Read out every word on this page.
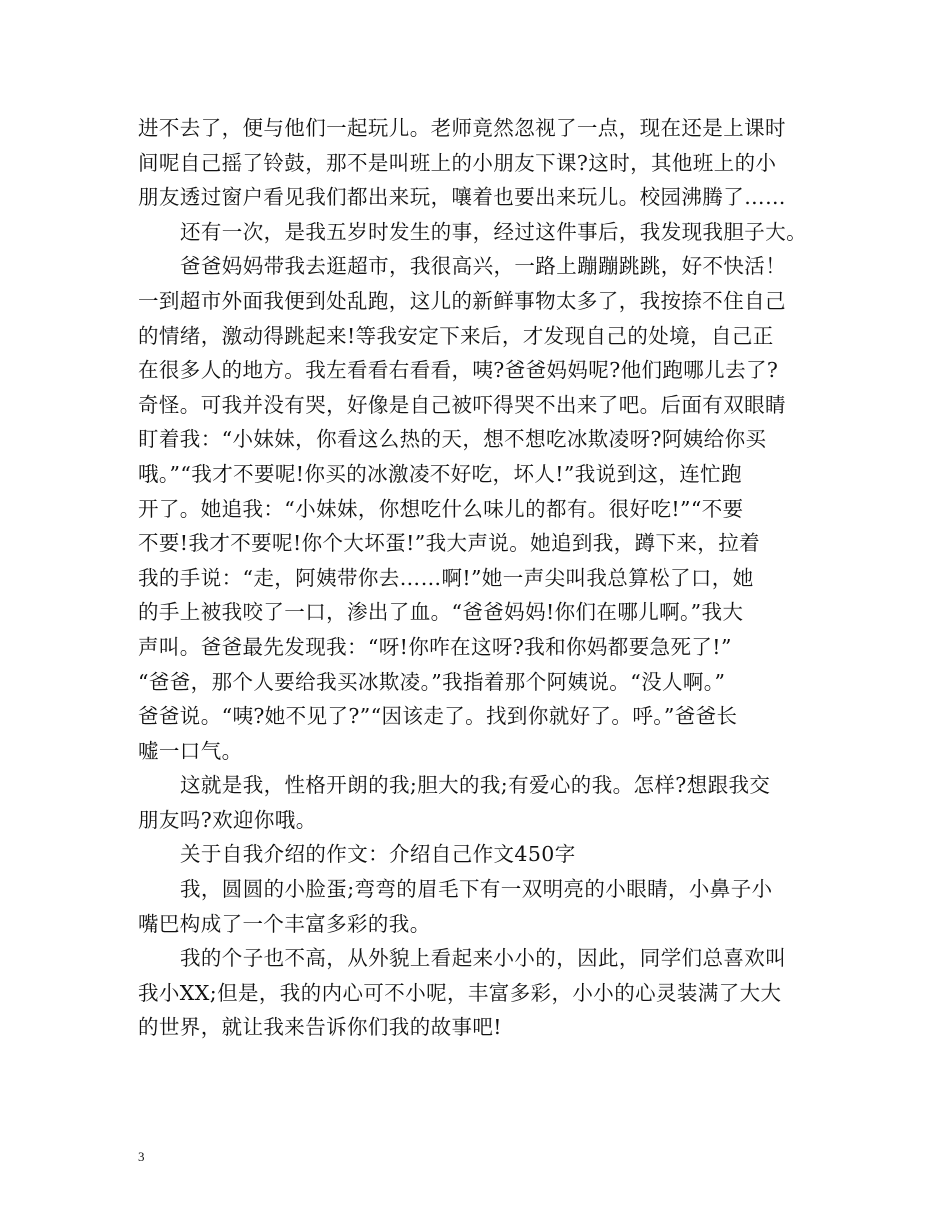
进不去了，便与他们一起玩儿。老师竟然忽视了一点，现在还是上课时
间呢自己摇了铃鼓，那不是叫班上的小朋友下课?这时，其他班上的小
朋友透过窗户看见我们都出来玩，嚷着也要出来玩儿。校园沸腾了……
还有一次，是我五岁时发生的事，经过这件事后，我发现我胆子大。
爸爸妈妈带我去逛超市，我很高兴，一路上蹦蹦跳跳，好不快活！
一到超市外面我便到处乱跑，这儿的新鲜事物太多了，我按捺不住自己
的情绪，激动得跳起来!等我安定下来后，才发现自己的处境，自己正
在很多人的地方。我左看看右看看，咦?爸爸妈妈呢?他们跑哪儿去了?
奇怪。可我并没有哭，好像是自己被吓得哭不出来了吧。后面有双眼睛
盯着我：“小妹妹，你看这么热的天，想不想吃冰欺凌呀?阿姨给你买
哦。”“我才不要呢!你买的冰激凌不好吃，坏人!”我说到这，连忙跑
开了。她追我：“小妹妹，你想吃什么味儿的都有。很好吃!”“不要
不要!我才不要呢!你个大坏蛋!”我大声说。她追到我，蹲下来，拉着
我的手说：“走，阿姨带你去……啊!”她一声尖叫我总算松了口，她
的手上被我咬了一口，渗出了血。“爸爸妈妈!你们在哪儿啊。”我大
声叫。爸爸最先发现我：“呀!你咋在这呀?我和你妈都要急死了!”
“爸爸，那个人要给我买冰欺凌。”我指着那个阿姨说。“没人啊。”
爸爸说。“咦?她不见了?”“因该走了。找到你就好了。呼。”爸爸长
嘘一口气。
这就是我，性格开朗的我;胆大的我;有爱心的我。怎样?想跟我交
朋友吗?欢迎你哦。
关于自我介绍的作文：介绍自己作文450字
我，圆圆的小脸蛋;弯弯的眉毛下有一双明亮的小眼睛，小鼻子小
嘴巴构成了一个丰富多彩的我。
我的个子也不高，从外貌上看起来小小的，因此，同学们总喜欢叫
我小XX;但是，我的内心可不小呢，丰富多彩，小小的心灵装满了大大
的世界，就让我来告诉你们我的故事吧!
3
